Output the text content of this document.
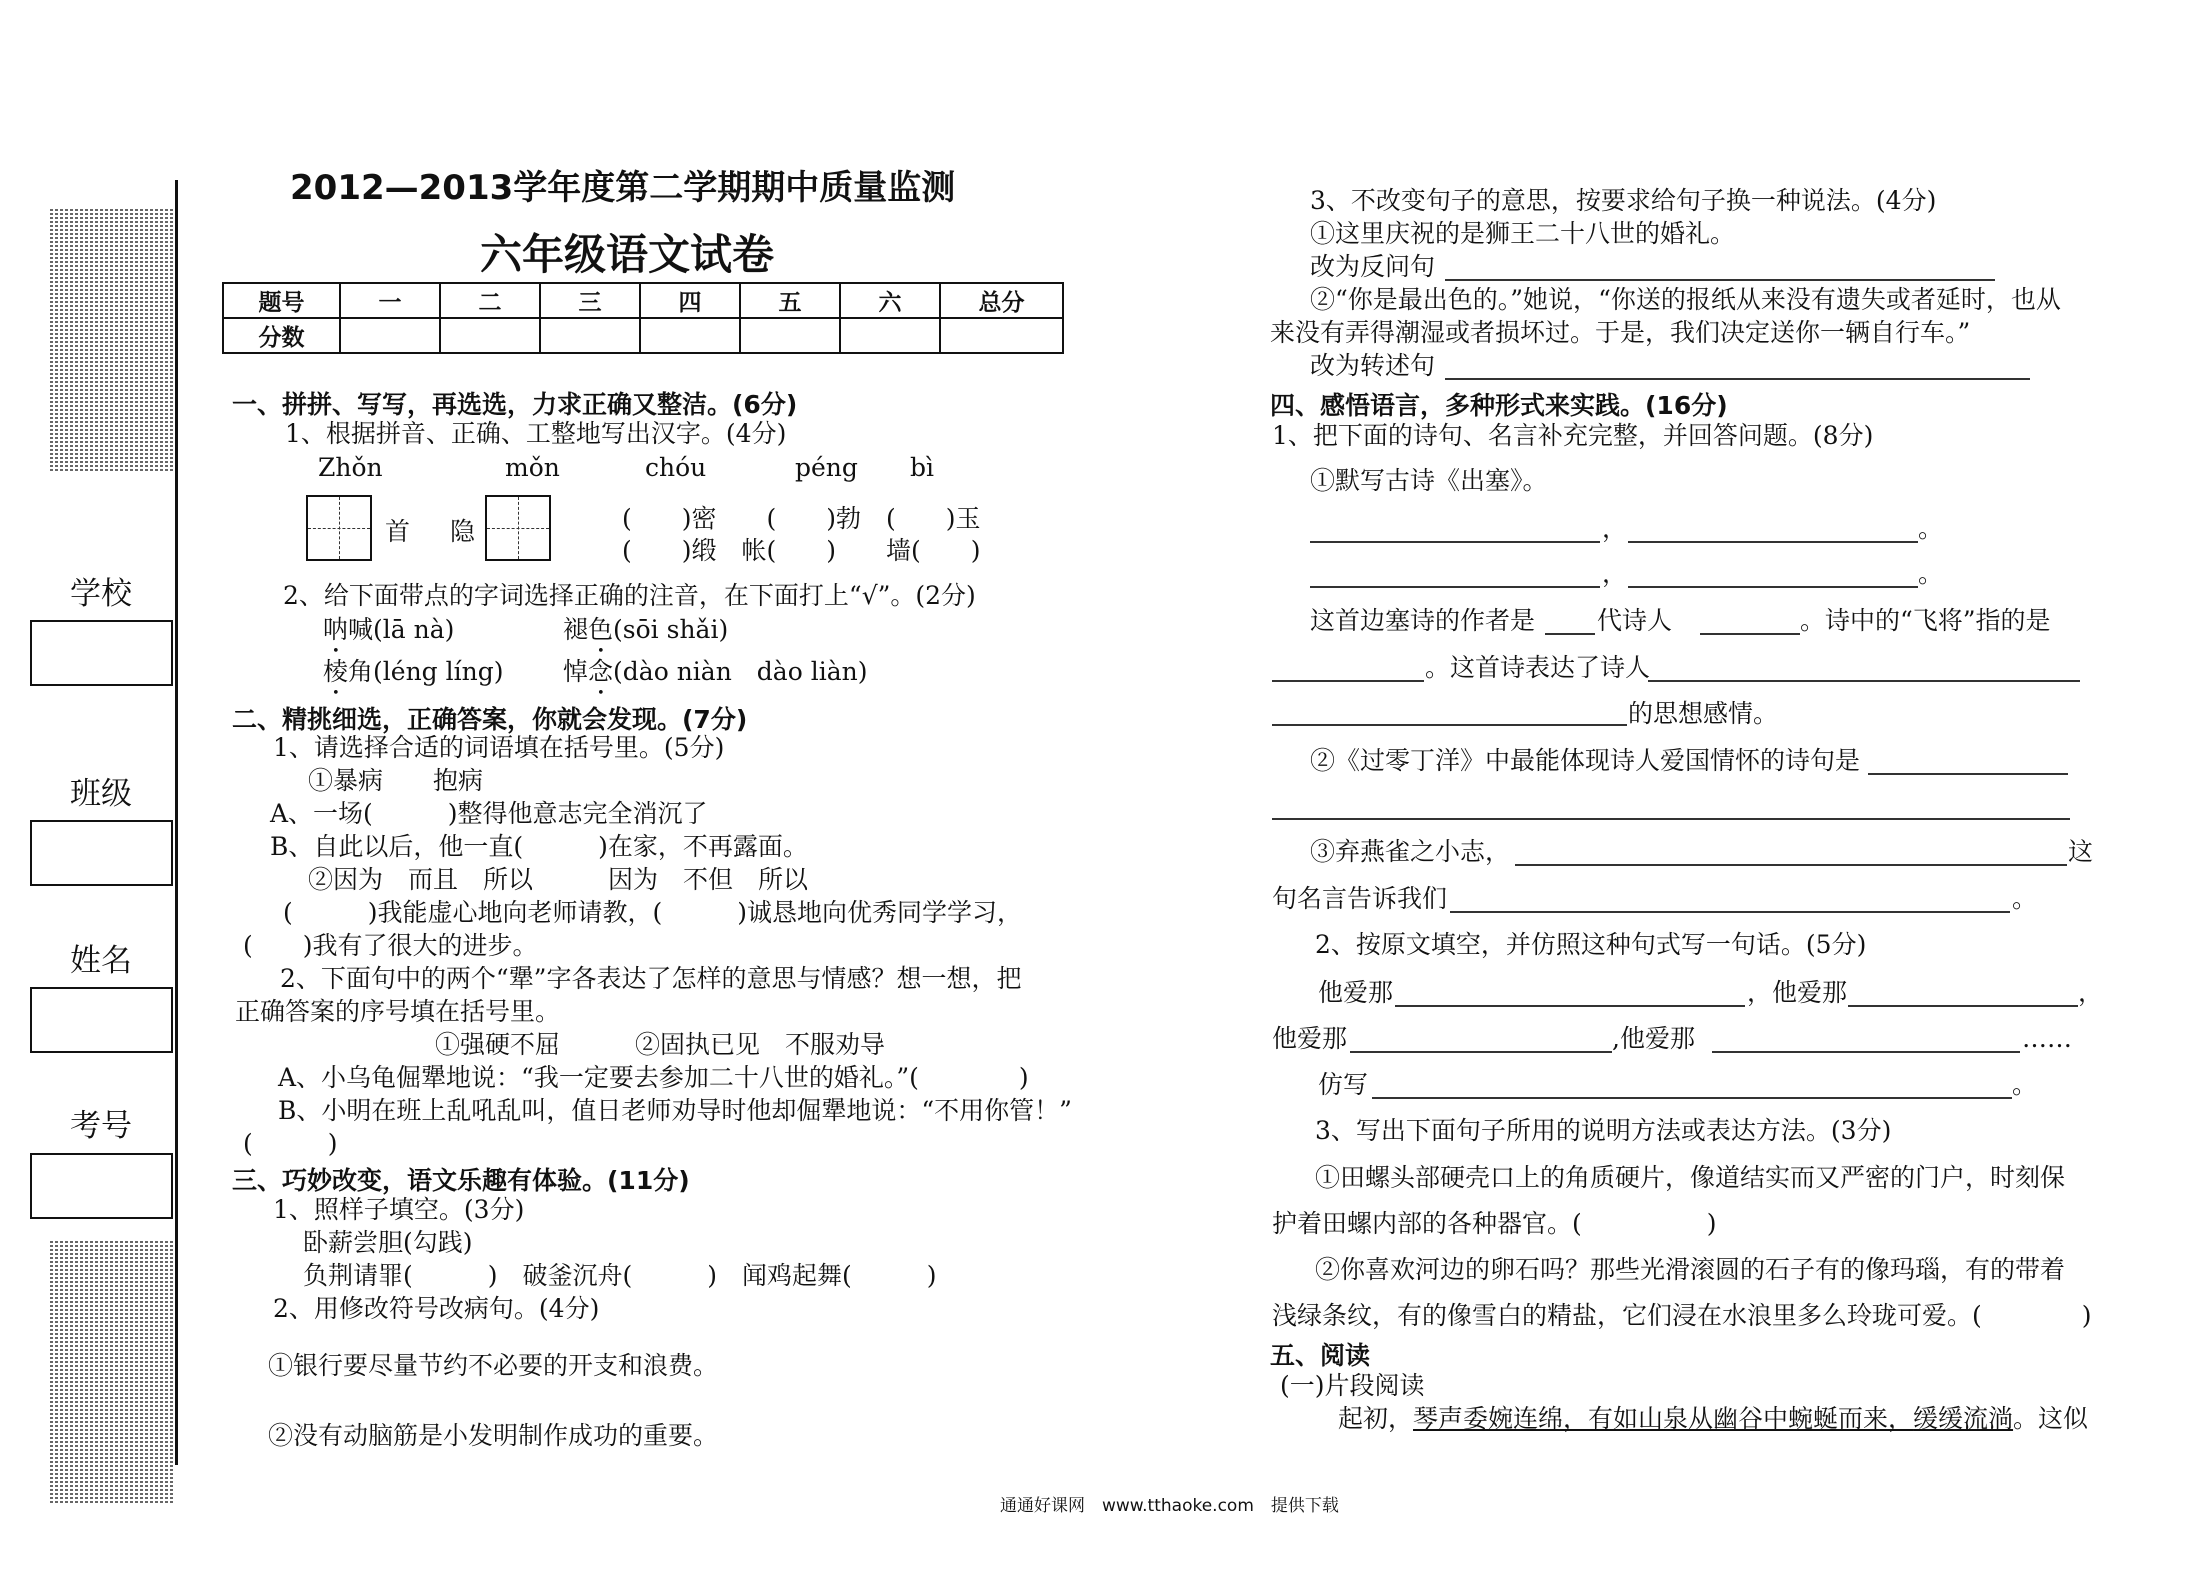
学校
班级
姓名
考号
2012—2013学年度第二学期期中质量监测
六年级语文试卷
题号	一	二	三	四	五	六	总分
分数							
一、拼拼、写写，再选选，力求正确又整洁。(6分)
1、根据拼音、正确、工整地写出汉字。(4分)
Zhǒn	mǒn	chóu	péng bì
首 隐	(　　)密　　(　　)勃　(　　)玉
(　　)缎　帐(　　)　　墙(　　)
2、给下面带点的字词选择正确的注音，在下面打上“√”。(2分)
呐喊(lā nà)	褪色(sōi shǎi)
棱角(léng líng) 悼念(dào niàn　dào liàn)
二、精挑细选，正确答案，你就会发现。(7分)
1、请选择合适的词语填在括号里。(5分)
①暴病　　抱病
A、一场(　　　)整得他意志完全消沉了
B、自此以后，他一直(　　　)在家，不再露面。
②因为　而且　所以　　　因为　不但　所以
(　　　)我能虚心地向老师请教，(　　　)诚恳地向优秀同学学习，
(　　)我有了很大的进步。
2、下面句中的两个“犟”字各表达了怎样的意思与情感？想一想，把
正确答案的序号填在括号里。
①强硬不屈　　　②固执已见　不服劝导
A、小乌龟倔犟地说：“我一定要去参加二十八世的婚礼。”(　　　　)
B、小明在班上乱吼乱叫，值日老师劝导时他却倔犟地说：“不用你管！”
(　　　)
三、巧妙改变，语文乐趣有体验。(11分)
1、照样子填空。(3分)
卧薪尝胆(勾践)
负荆请罪(　　　)　破釜沉舟(　　　)　闻鸡起舞(　　　)
2、用修改符号改病句。(4分)
①银行要尽量节约不必要的开支和浪费。
②没有动脑筋是小发明制作成功的重要。
3、不改变句子的意思，按要求给句子换一种说法。(4分)
①这里庆祝的是狮王二十八世的婚礼。
改为反问句
②“你是最出色的。”她说，“你送的报纸从来没有遗失或者延时，也从
来没有弄得潮湿或者损坏过。于是，我们决定送你一辆自行车。”
改为转述句
四、感悟语言，多种形式来实践。(16分)
1、把下面的诗句、名言补充完整，并回答问题。(8分)
①默写古诗《出塞》。
，	。
，	。
这首边塞诗的作者是 代诗人	。诗中的“飞将”指的是
。这首诗表达了诗人
的思想感情。
②《过零丁洋》中最能体现诗人爱国情怀的诗句是
③弃燕雀之小志，	这
句名言告诉我们	。
2、按原文填空，并仿照这种句式写一句话。(5分)
他爱那	，他爱那	，
他爱那	,他爱那	……
仿写	。
3、写出下面句子所用的说明方法或表达方法。(3分)
①田螺头部硬壳口上的角质硬片，像道结实而又严密的门户，时刻保
护着田螺内部的各种器官。(　　　　　)
②你喜欢河边的卵石吗？那些光滑滚圆的石子有的像玛瑙，有的带着
浅绿条纹，有的像雪白的精盐，它们浸在水浪里多么玲珑可爱。(　　　　)
五、阅读
(一)片段阅读
起初，琴声委婉连绵，有如山泉从幽谷中蜿蜒而来，缓缓流淌。这似
通通好课网　www.tthaoke.com　提供下载
